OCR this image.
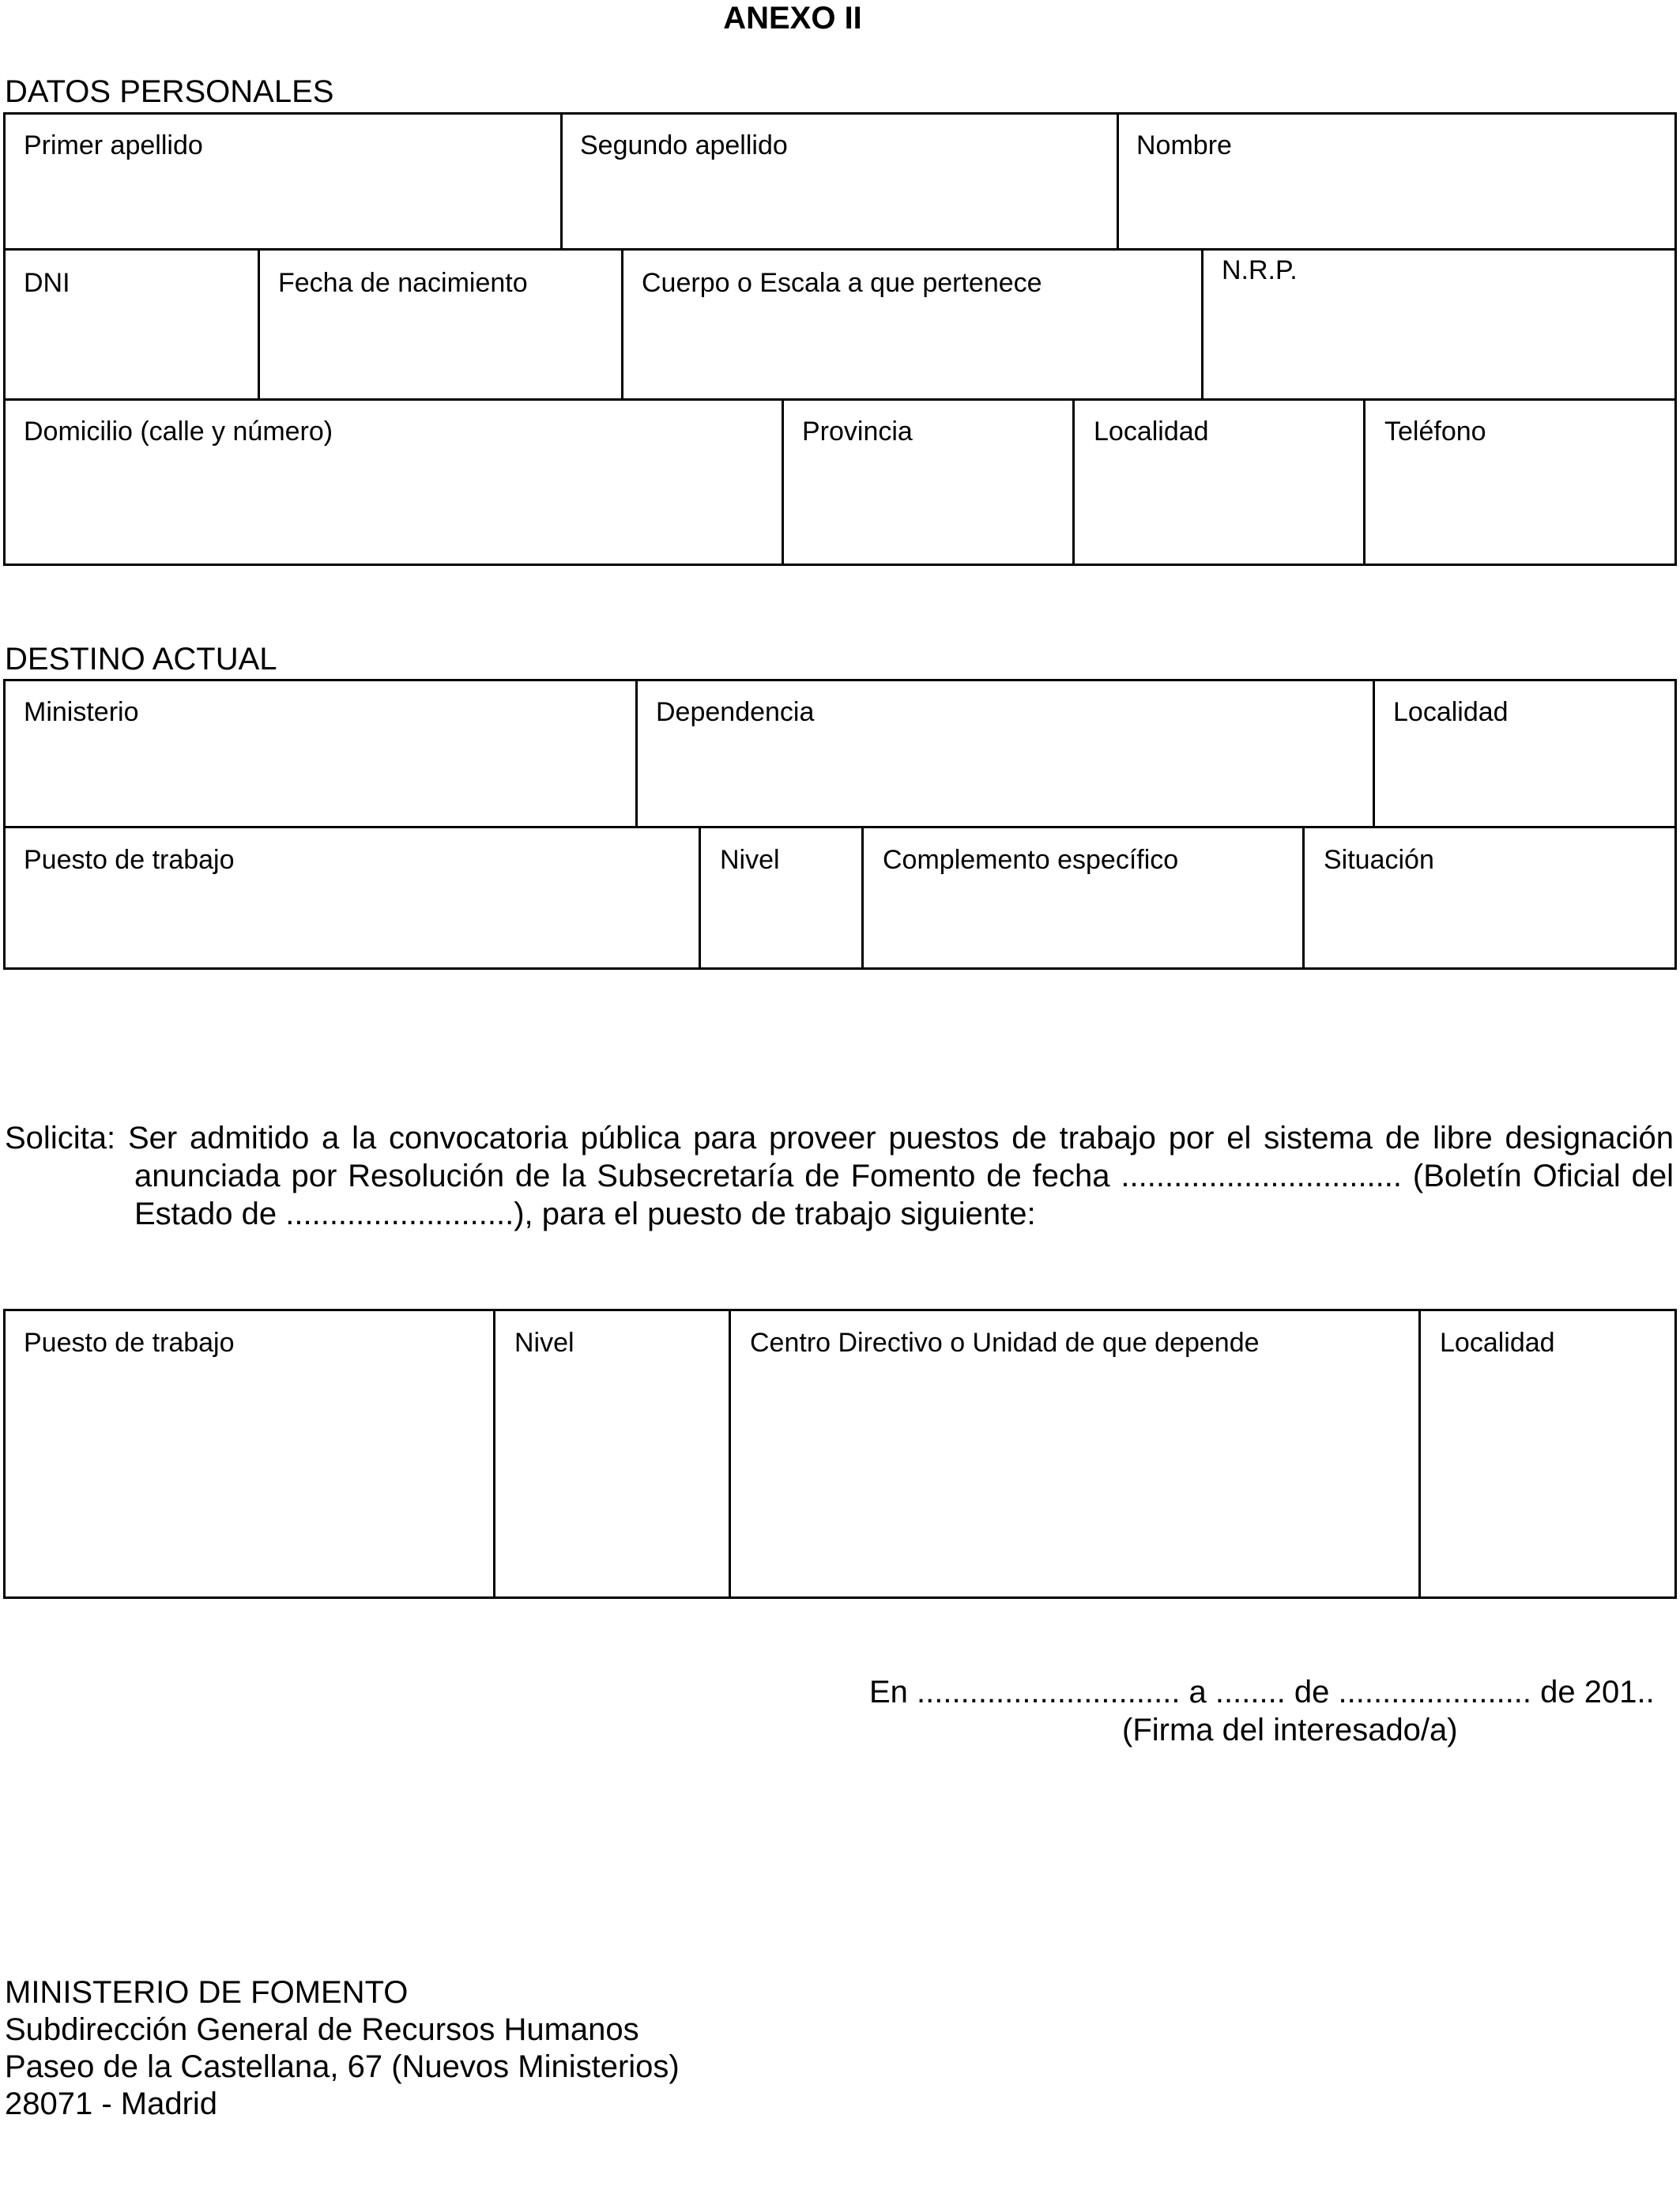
ANEXO II
DATOS PERSONALES
Primer apellido	Segundo apellido	Nombre
DNI	Fecha de nacimiento	Cuerpo o Escala a que pertenece	N.R.P.
Domicilio (calle y número)	Provincia	Localidad	Teléfono
DESTINO ACTUAL
Ministerio	Dependencia	Localidad
Puesto de trabajo	Nivel	Complemento específico	Situación
Solicita: Ser admitido a la convocatoria pública para proveer puestos de trabajo por el sistema de libre designación
anunciada por Resolución de la Subsecretaría de Fomento de fecha ................................ (Boletín Oficial del
Estado de ..........................), para el puesto de trabajo siguiente:
Puesto de trabajo	Nivel	Centro Directivo o Unidad de que depende	Localidad
En .............................. a ........ de ...................... de 201..
(Firma del interesado/a)
MINISTERIO DE FOMENTO
Subdirección General de Recursos Humanos
Paseo de la Castellana, 67 (Nuevos Ministerios)
28071 - Madrid
